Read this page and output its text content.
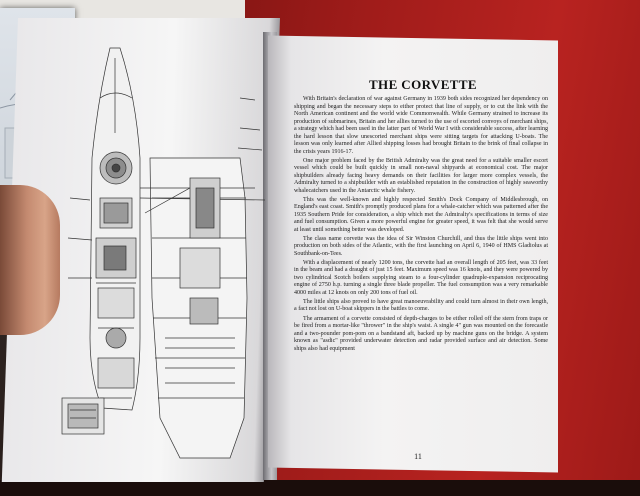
THE CORVETTE

With Britain's declaration of war against Germany in 1939 both sides recognized her dependency on shipping and began the necessary steps to either protect that line of supply, or to cut the link with the North American continent and the world wide Commonwealth. While Germany strained to increase its production of submarines, Britain and her allies turned to the use of escorted convoys of merchant ships, a strategy which had been used in the latter part of World War I with considerable success, after learning the hard lesson that slow unescorted merchant ships were sitting targets for attacking U-boats. The lesson was only learned after Allied shipping losses had brought Britain to the brink of final collapse in the crisis years 1916-17.

One major problem faced by the British Admiralty was the great need for a suitable smaller escort vessel which could be built quickly in small non-naval shipyards at economical cost. The major shipbuilders already facing heavy demands on their facilities for larger more complex vessels, the Admiralty turned to a shipbuilder with an established reputation in the construction of highly seaworthy whalecatchers used in the Antarctic whale fishery.

This was the well-known and highly respected Smith's Dock Company of Middlesbrough, on England's east coast. Smith's promptly produced plans for a whale-catcher which was patterned after the 1935 Southern Pride for consideration, a ship which met the Admiralty's specifications in terms of size and fuel consumption. Given a more powerful engine for greater speed, it was felt that she would serve at least until something better was developed.

The class name corvette was the idea of Sir Winston Churchill, and thus the little ships went into production on both sides of the Atlantic, with the first launching on April 6, 1940 of HMS Gladiolus at Southbank-on-Tees.

With a displacement of nearly 1200 tons, the corvette had an overall length of 205 feet, was 33 feet in the beam and had a draught of just 15 feet. Maximum speed was 16 knots, and they were powered by two cylindrical Scotch boilers supplying steam to a four-cylinder quadruple-expansion reciprocating engine of 2750 h.p. turning a single three blade propeller. The fuel consumption was a very remarkable 4000 miles at 12 knots on only 200 tons of fuel oil.

The little ships also proved to have great manoeuvrability and could turn almost in their own length, a fact not lost on U-boat skippers in the battles to come.

The armament of a corvette consisted of depth-charges to be either rolled off the stern from traps or be fired from a mortar-like "thrower" in the ship's waist. A single 4" gun was mounted on the forecastle and a two-pounder pom-pom on a bandstand aft, backed up by machine guns on the bridge. A system known as "asdic" provided underwater detection and radar provided surface and air detection. Some ships also had equipment

11
